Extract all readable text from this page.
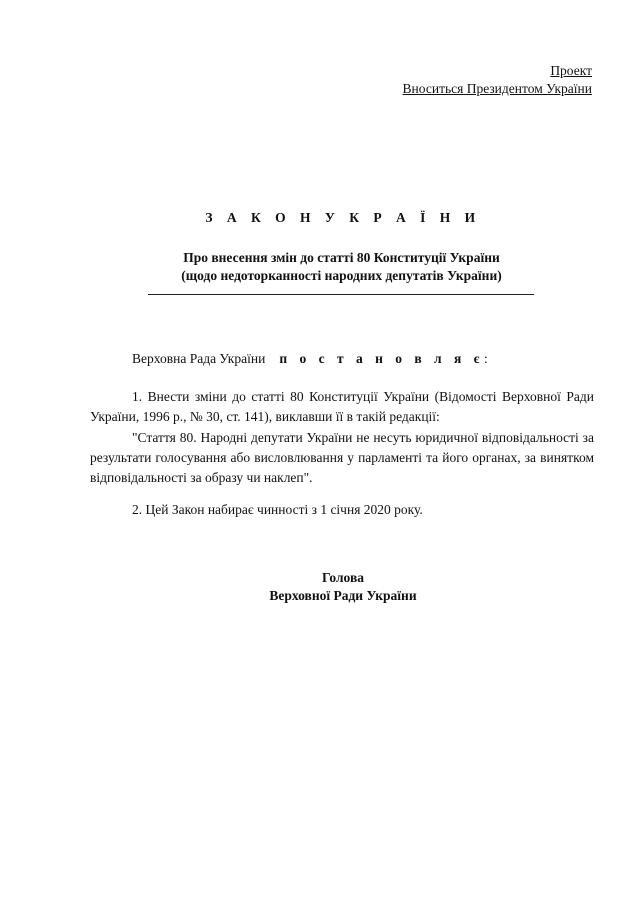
Проект
Вноситься Президентом України
З А К О Н У К Р А Ї Н И
Про внесення змін до статті 80 Конституції України
(щодо недоторканності народних депутатів України)
Верховна Рада України п о с т а н о в л я є:
1. Внести зміни до статті 80 Конституції України (Відомості Верховної Ради України, 1996 р., № 30, ст. 141), виклавши її в такій редакції:
"Стаття 80. Народні депутати України не несуть юридичної відповідальності за результати голосування або висловлювання у парламенті та його органах, за винятком відповідальності за образу чи наклеп".
2. Цей Закон набирає чинності з 1 січня 2020 року.
Голова
Верховної Ради України
